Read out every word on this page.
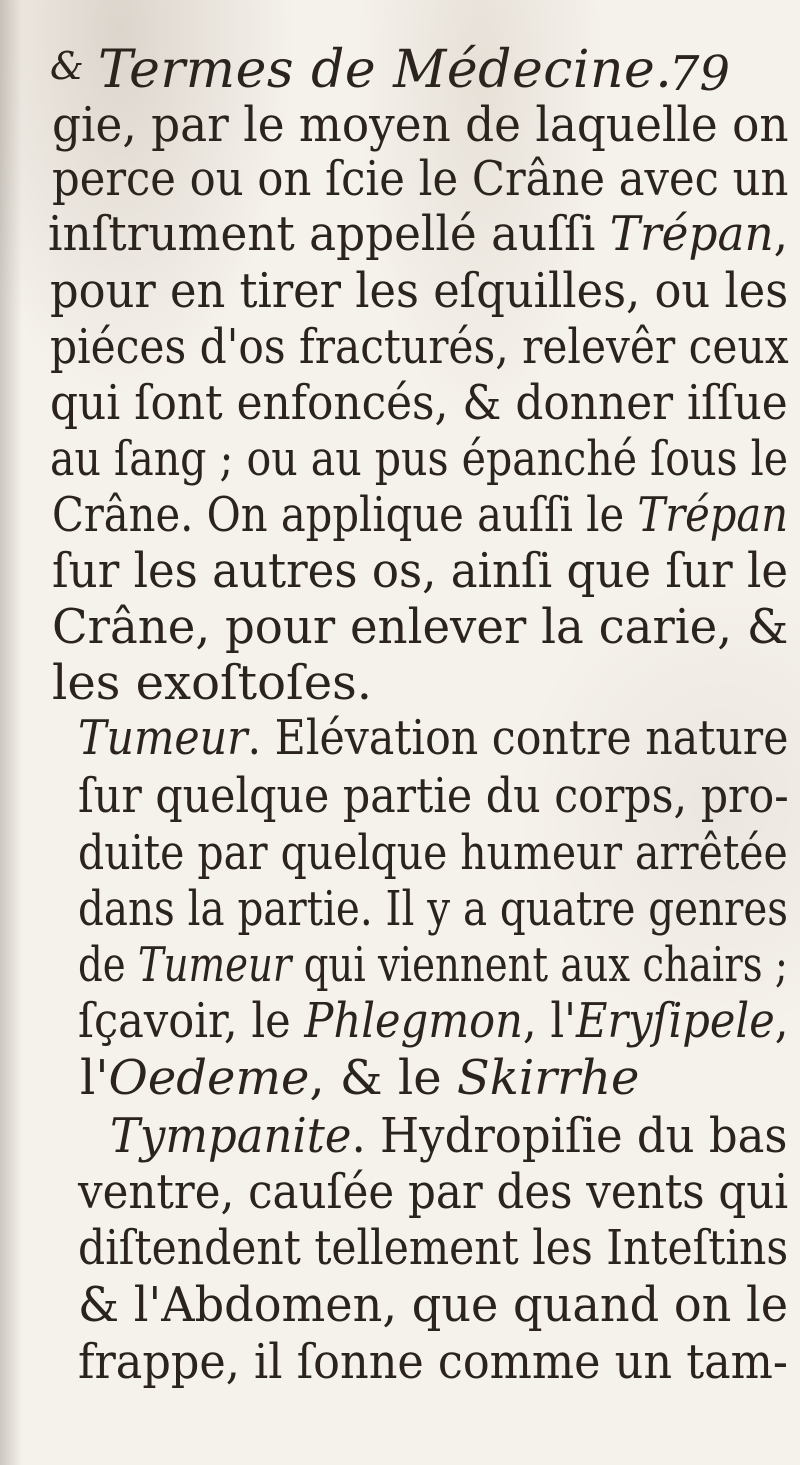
& Termes de Médecine.
79
gie, par le moyen de laquelle on
perce ou on ſcie le Crâne avec un
inſtrument appellé auſſi Trépan,
pour en tirer les eſquilles, ou les
piéces d'os fracturés, relevêr ceux
qui ſont enfoncés, & donner iſſue
au ſang ; ou au pus épanché ſous le
Crâne. On applique auſſi le Trépan
ſur les autres os, ainſi que ſur le
Crâne, pour enlever la carie, &
les exoſtoſes.
Tumeur. Elévation contre nature
ſur quelque partie du corps, pro-
duite par quelque humeur arrêtée
dans la partie. Il y a quatre genres
de Tumeur qui viennent aux chairs ;
ſçavoir, le Phlegmon, l'Eryſipele,
l'Oedeme, & le Skirrhe
Tympanite. Hydropiſie du bas
ventre, cauſée par des vents qui
diſtendent tellement les Inteſtins
& l'Abdomen, que quand on le
frappe, il ſonne comme un tam-
